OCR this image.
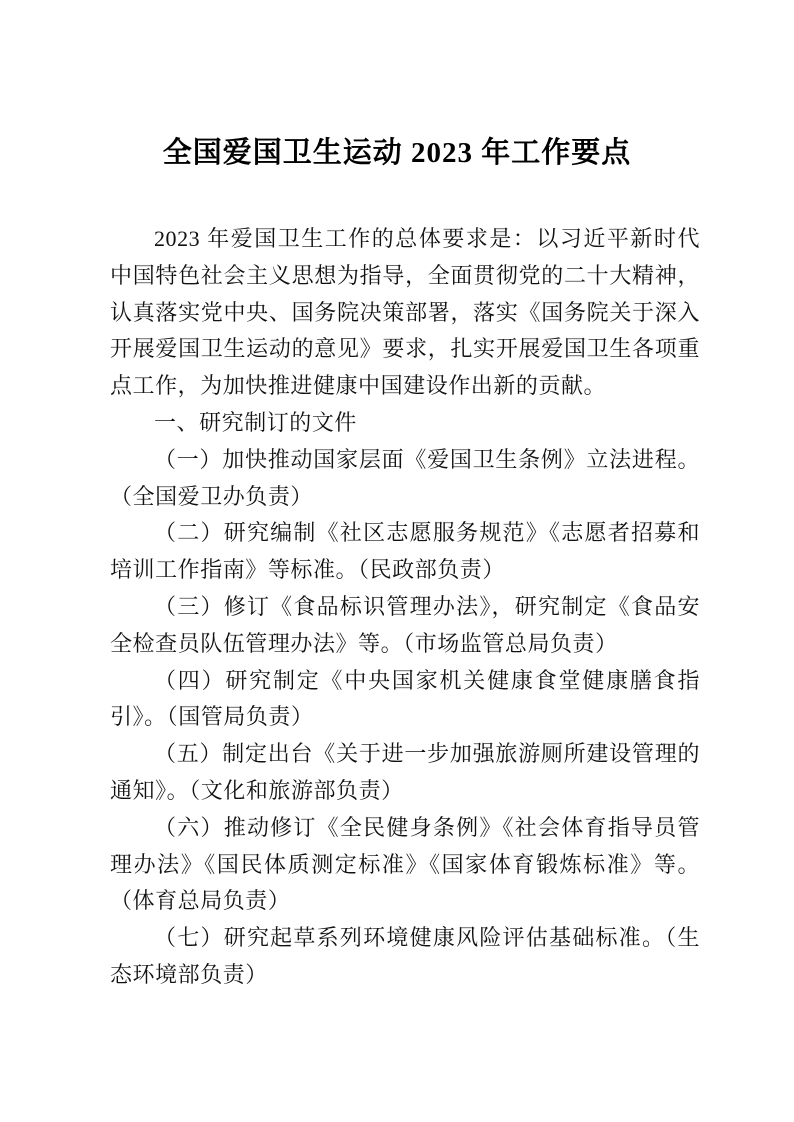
全国爱国卫生运动 2023 年工作要点

2023 年爱国卫生工作的总体要求是：以习近平新时代中国特色社会主义思想为指导，全面贯彻党的二十大精神，认真落实党中央、国务院决策部署，落实《国务院关于深入开展爱国卫生运动的意见》要求，扎实开展爱国卫生各项重点工作，为加快推进健康中国建设作出新的贡献。

一、研究制订的文件

（一）加快推动国家层面《爱国卫生条例》立法进程。（全国爱卫办负责）

（二）研究编制《社区志愿服务规范》《志愿者招募和培训工作指南》等标准。（民政部负责）

（三）修订《食品标识管理办法》，研究制定《食品安全检查员队伍管理办法》等。（市场监管总局负责）

（四）研究制定《中央国家机关健康食堂健康膳食指引》。（国管局负责）

（五）制定出台《关于进一步加强旅游厕所建设管理的通知》。（文化和旅游部负责）

（六）推动修订《全民健身条例》《社会体育指导员管理办法》《国民体质测定标准》《国家体育锻炼标准》等。（体育总局负责）

（七）研究起草系列环境健康风险评估基础标准。（生态环境部负责）
